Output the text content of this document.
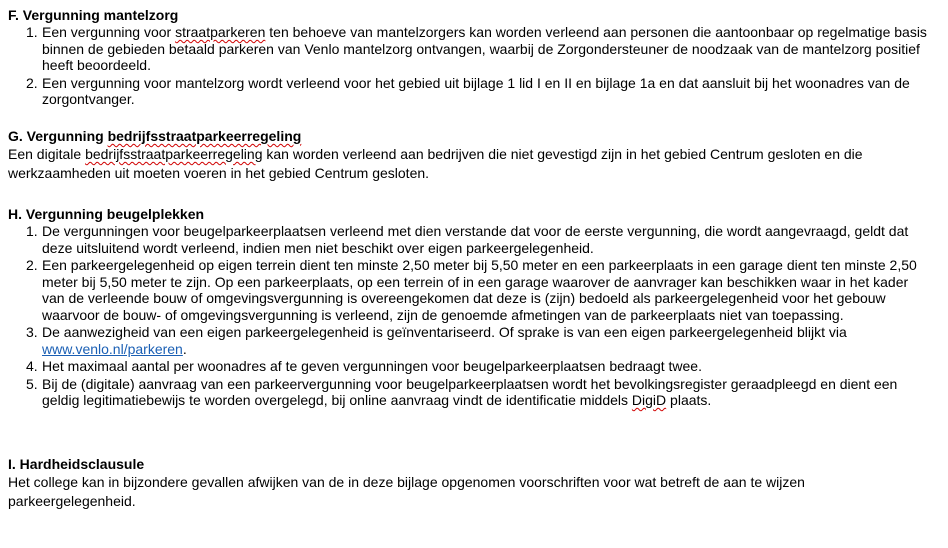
F. Vergunning mantelzorg
1. Een vergunning voor straatparkeren ten behoeve van mantelzorgers kan worden verleend aan personen die aantoonbaar op regelmatige basis binnen de gebieden betaald parkeren van Venlo mantelzorg ontvangen, waarbij de Zorgondersteuner de noodzaak van de mantelzorg positief heeft beoordeeld.
2. Een vergunning voor mantelzorg wordt verleend voor het gebied uit bijlage 1 lid I en II en bijlage 1a en dat aansluit bij het woonadres van de zorgontvanger.
G. Vergunning bedrijfsstraatparkeerregeling

Een digitale bedrijfsstraatparkeerregeling kan worden verleend aan bedrijven die niet gevestigd zijn in het gebied Centrum gesloten en die werkzaamheden uit moeten voeren in het gebied Centrum gesloten.

H. Vergunning beugelplekken
1. De vergunningen voor beugelparkeerplaatsen verleend met dien verstande dat voor de eerste vergunning, die wordt aangevraagd, geldt dat deze uitsluitend wordt verleend, indien men niet beschikt over eigen parkeergelegenheid.
2. Een parkeergelegenheid op eigen terrein dient ten minste 2,50 meter bij 5,50 meter en een parkeerplaats in een garage dient ten minste 2,50 meter bij 5,50 meter te zijn. Op een parkeerplaats, op een terrein of in een garage waarover de aanvrager kan beschikken waar in het kader van de verleende bouw of omgevingsvergunning is overeengekomen dat deze is (zijn) bedoeld als parkeergelegenheid voor het gebouw waarvoor de bouw- of omgevingsvergunning is verleend, zijn de genoemde afmetingen van de parkeerplaats niet van toepassing.
3. De aanwezigheid van een eigen parkeergelegenheid is geïnventariseerd. Of sprake is van een eigen parkeergelegenheid blijkt via www.venlo.nl/parkeren.
4. Het maximaal aantal per woonadres af te geven vergunningen voor beugelparkeerplaatsen bedraagt twee.
5. Bij de (digitale) aanvraag van een parkeervergunning voor beugelparkeerplaatsen wordt het bevolkingsregister geraadpleegd en dient een geldig legitimatiebewijs te worden overgelegd, bij online aanvraag vindt de identificatie middels DigiD plaats.
I. Hardheidsclausule

Het college kan in bijzondere gevallen afwijken van de in deze bijlage opgenomen voorschriften voor wat betreft de aan te wijzen parkeergelegenheid.
